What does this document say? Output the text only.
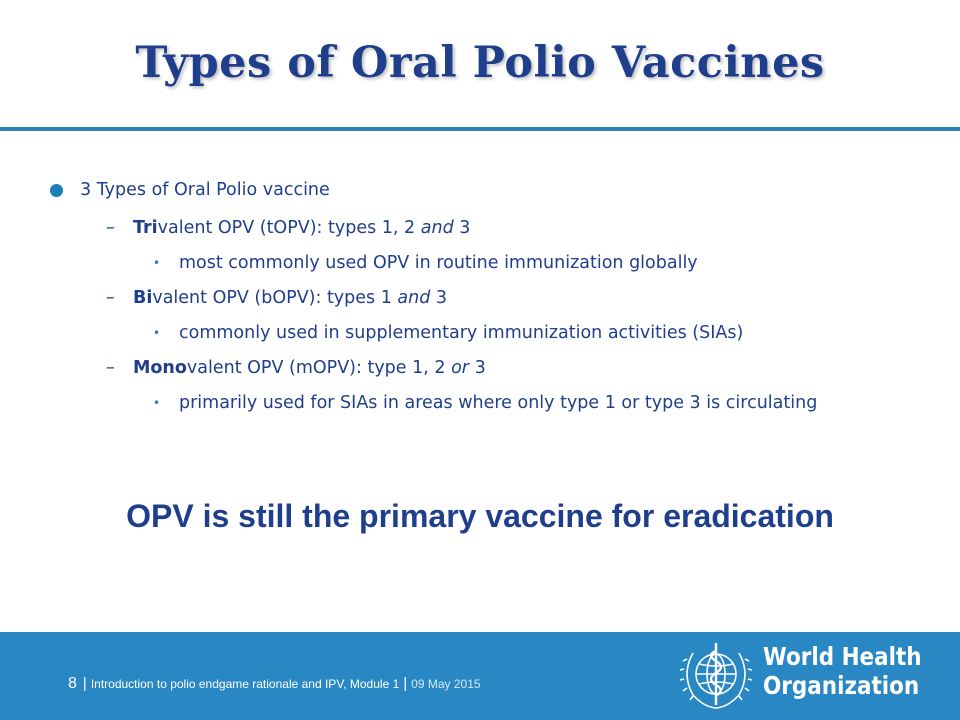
Types of Oral Polio Vaccines
3 Types of Oral Polio vaccine
– Trivalent OPV (tOPV): types 1, 2 and 3
• most commonly used OPV in routine immunization globally
– Bivalent OPV (bOPV): types 1 and 3
• commonly used in supplementary immunization activities (SIAs)
– Monovalent OPV (mOPV): type 1, 2 or 3
• primarily used for SIAs in areas where only type 1 or type 3 is circulating
OPV is still the primary vaccine for eradication
8 | Introduction to polio endgame rationale and IPV, Module 1 | 09 May 2015
World Health
Organization
